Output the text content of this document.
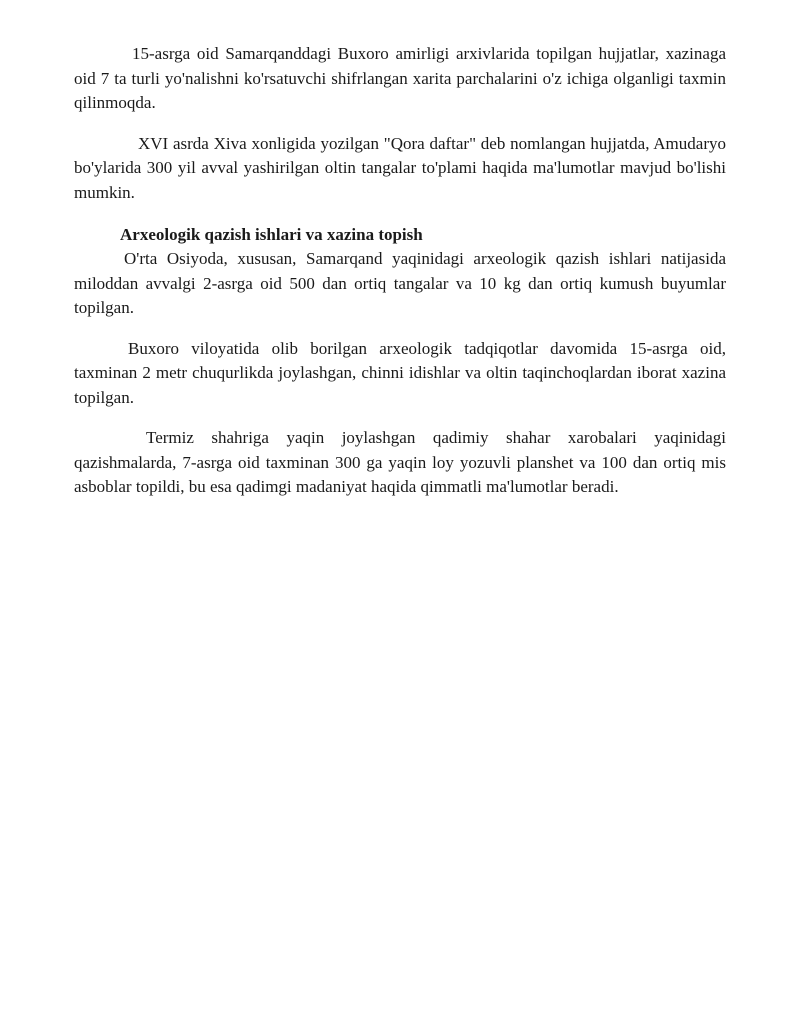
15-asrga oid Samarqanddagi Buxoro amirligi arxivlarida topilgan hujjatlar, xazinaga oid 7 ta turli yo'nalishni ko'rsatuvchi shifrlangan xarita parchalarini o'z ichiga olganligi taxmin qilinmoqda.

XVI asrda Xiva xonligida yozilgan "Qora daftar" deb nomlangan hujjatda, Amudaryo bo'ylarida 300 yil avval yashirilgan oltin tangalar to'plami haqida ma'lumotlar mavjud bo'lishi mumkin.

Arxeologik qazish ishlari va xazina topish

O'rta Osiyoda, xususan, Samarqand yaqinidagi arxeologik qazish ishlari natijasida miloddan avvalgi 2-asrga oid 500 dan ortiq tangalar va 10 kg dan ortiq kumush buyumlar topilgan.

Buxoro viloyatida olib borilgan arxeologik tadqiqotlar davomida 15-asrga oid, taxminan 2 metr chuqurlikda joylashgan, chinni idishlar va oltin taqinchoqlardan iborat xazina topilgan.

Termiz shahriga yaqin joylashgan qadimiy shahar xarobalari yaqinidagi qazishmalarda, 7-asrga oid taxminan 300 ga yaqin loy yozuvli planshet va 100 dan ortiq mis asboblar topildi, bu esa qadimgi madaniyat haqida qimmatli ma'lumotlar beradi.
